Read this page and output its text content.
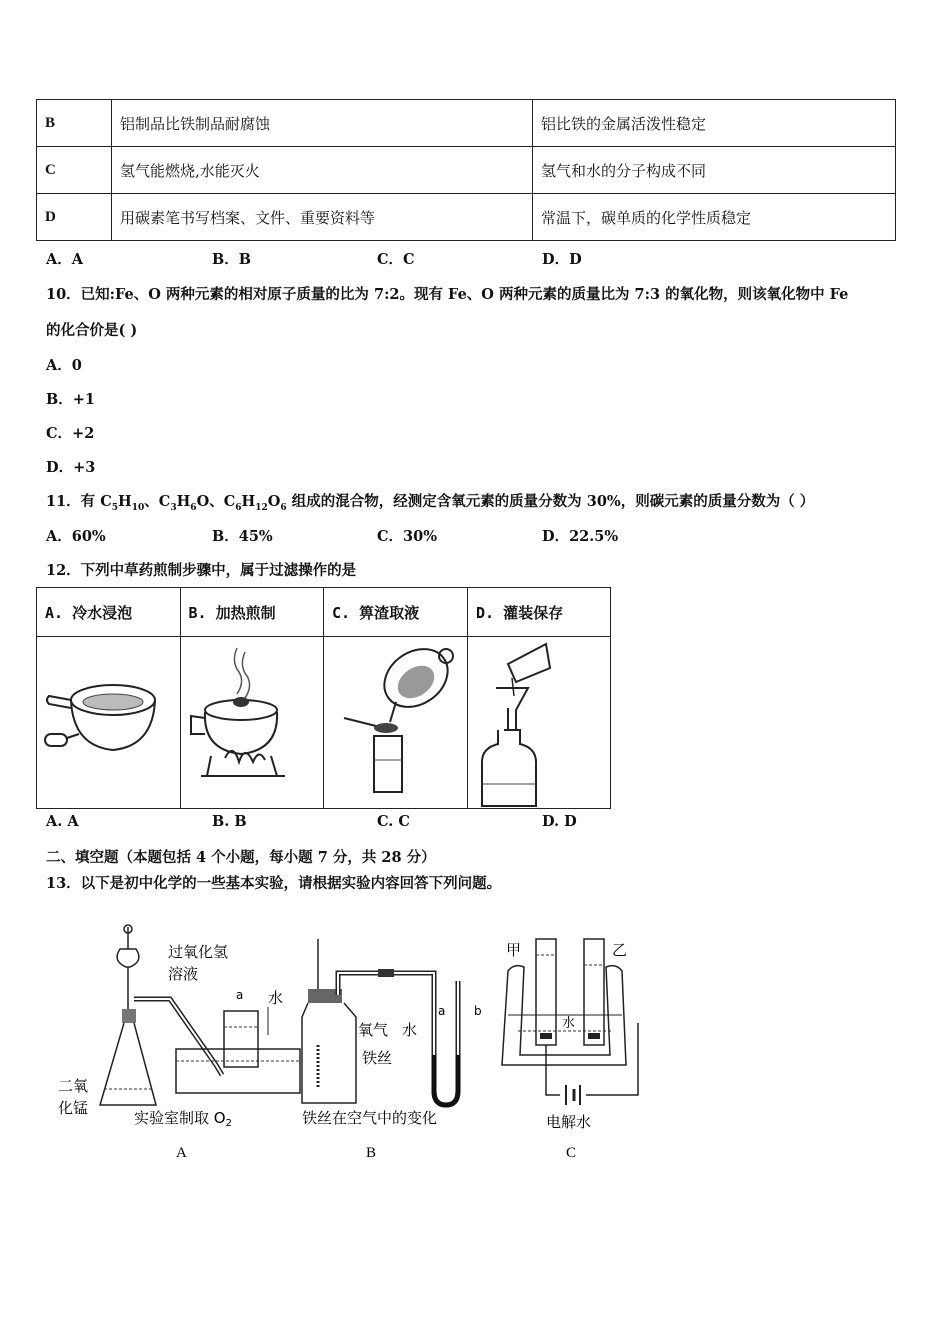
B	铝制品比铁制品耐腐蚀	铝比铁的金属活泼性稳定
C	氢气能燃烧,水能灭火	氢气和水的分子构成不同
D	用碳素笔书写档案、文件、重要资料等	常温下，碳单质的化学性质稳定
A．A	B．B	C．C	D．D
10．已知:Fe、O 两种元素的相对原子质量的比为 7:2。现有 Fe、O 两种元素的质量比为 7:3 的氧化物，则该氧化物中 Fe
的化合价是( )
A．0
B．+1
C．+2
D．+3
11．有 $C_5H_{10}$、$C_3H_6O$、$C_6H_{12}O_6$ 组成的混合物，经测定含氧元素的质量分数为 30%，则碳元素的质量分数为（ ）
A．60%	B．45%	C．30%	D．22.5%
12．下列中草药煎制步骤中，属于过滤操作的是
A. 冷水浸泡	B. 加热煎制	C. 箅渣取液	D. 灌装保存

A. A	B. B	C. C	D. D
二、填空题（本题包括 4 个小题，每小题 7 分，共 28 分）
13．以下是初中化学的一些基本实验，请根据实验内容回答下列问题。
过氧化氢
溶液
a 水
二氧
化锰
实验室制取 $O_2$
A
氧气 水
铁丝
a b
铁丝在空气中的变化
B
甲	乙
水
电解水
C
